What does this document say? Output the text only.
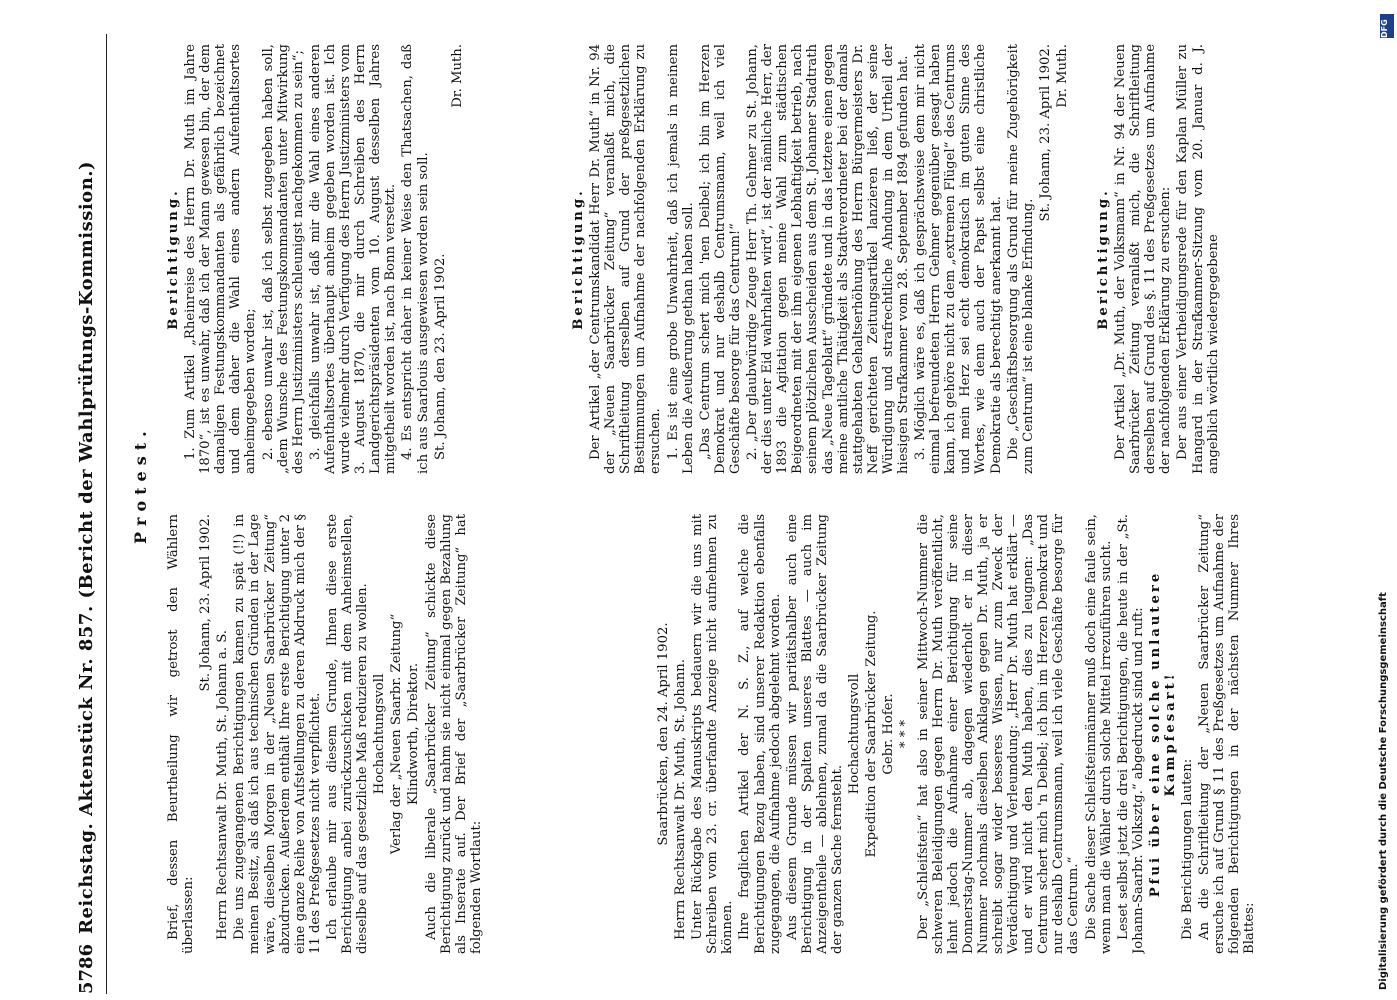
5786
Reichstag. Aktenstück Nr. 857. (Bericht der Wahlprüfungs-Kommission.) Protest.

Brief, dessen Beurtheilung wir getrost den Wählern überlassen:

St. Johann, 23. April 1902.

Herrn Rechtsanwalt Dr. Muth, St. Johann a. S. Die uns zugegangenen Berichtigungen kamen zu spät (!!) in meinen Besitz, als daß ich aus technischen Gründen in der Lage wäre, dieselben Morgen in der „Neuen Saarbrücker Zeitung“ abzudrucken. Außerdem enthält Ihre erste Berichtigung unter 2 eine ganze Reihe von Aufstellungen zu deren Abdruck mich der § 11 des Preßgesetzes nicht verpflichtet. Ich erlaube mir aus diesem Grunde, Ihnen diese erste Berichtigung anbei zurückzuschicken mit dem Anheimstellen, dieselbe auf das gesetzliche Maß reduzieren zu wollen. Hochachtungsvoll Verlag der „Neuen Saarbr. Zeitung“ Klindworth, Direktor. Auch die liberale „Saarbrücker Zeitung“ schickte diese Berichtigung zurück und nahm sie nicht einmal gegen Bezahlung als Inserate auf. Der Brief der „Saarbrücker Zeitung“ hat folgenden Wortlaut:

Saarbrücken, den 24. April 1902. Herrn Rechtsanwalt Dr. Muth, St. Johann. Unter Rückgabe des Manuskripts bedauern wir die uns mit Schreiben vom 23. cr. überfandte Anzeige nicht aufnehmen zu können. Ihre fraglichen Artikel der N. S. Z., auf welche die Berichtigungen Bezug haben, sind unserer Redaktion ebenfalls zugegangen, die Aufnahme jedoch abgelehnt worden. Aus diesem Grunde müssen wir paritätshalber auch eine Berichtigung in der Spalten unseres Blattes — auch im Anzeigentheile — ablehnen, zumal da die Saarbrücker Zeitung der ganzen Sache fernsteht.

Hochachtungsvoll Expedition der Saarbrücker Zeitung. Gebr. Hofer. * * * Der „Schleifstein“ hat also in seiner Mittwoch-Nummer die schweren Beleidigungen gegen Herrn Dr. Muth veröffentlicht, lehnt jedoch die Aufnahme einer Berichtigung für seine Donnerstag-Nummer ab, dagegen wiederholt er in dieser Nummer nochmals dieselben Anklagen gegen Dr. Muth, ja er schreibt sogar wider besseres Wissen, nur zum Zweck der Verdächtigung und Verleumdung: „Herr Dr. Muth hat erklärt — und er wird nicht den Muth haben, dies zu leugnen: „Das Centrum schert mich 'n Deibel; ich bin im Herzen Demokrat und nur deshalb Centrumsmann, weil ich viele Geschäfte besorge für das Centrum.“ Die Sache dieser Schleifsteinmänner muß doch eine faule sein, wenn man die Wähler durch solche Mittel irrezuführen sucht. Leset selbst jetzt die drei Berichtigungen, die heute in der „St. Johann-Saarbr. Volksztg.“ abgedruckt sind und ruft: Pfui über eine solche unlautere Kampfesart!

Die Berichtigungen lauten: An die Schriftleitung der „Neuen Saarbrücker Zeitung“ ersuche ich auf Grund § 11 des Preßgesetzes um Aufnahme der folgenden Berichtigungen in der nächsten Nummer Ihres Blattes:

Berichtigung. 1. Zum Artikel „Rheinreise des Herrn Dr. Muth im Jahre 1870“, ist es unwahr, daß ich der Mann gewesen bin, der dem damaligen Festungskommandanten als gefährlich bezeichnet und dem daher die Wahl eines andern Aufenthaltsortes anheimgegeben worden; 2. ebenso unwahr ist, daß ich selbst zugegeben haben soll, „dem Wunsche des Festungskommandanten unter Mitwirkung des Herrn Justizministers schleunigst nachgekommen zu sein“; 3. gleichfalls unwahr ist, daß mir die Wahl eines anderen Aufenthaltsortes überhaupt anheim gegeben worden ist. Ich wurde vielmehr durch Verfügung des Herrn Justizministers vom 3. August 1870, die mir durch Schreiben des Herrn Landgerichtspräsidenten vom 10. August desselben Jahres mitgetheilt worden ist, nach Bonn versetzt. 4. Es entspricht daher in keiner Weise den Thatsachen, daß ich aus Saarlouis ausgewiesen worden sein soll. St. Johann, den 23. April 1902.

Dr. Muth.

Berichtigung. Der Artikel „der Centrumskandidat Herr Dr. Muth“ in Nr. 94 der „Neuen Saarbrücker Zeitung“ veranlaßt mich, die Schriftleitung derselben auf Grund der preßgesetzlichen Bestimmungen um Aufnahme der nachfolgenden Erklärung zu ersuchen. 1. Es ist eine grobe Unwahrheit, daß ich jemals in meinem Leben die Aeußerung gethan haben soll. „Das Centrum schert mich 'nen Deibel; ich bin im Herzen Demokrat und nur deshalb Centrumsmann, weil ich viel Geschäfte besorge für das Centrum!“ 2. „Der glaubwürdige Zeuge Herr Th. Gehmer zu St. Johann, der dies unter Eid wahrhalten wird“, ist der nämliche Herr, der 1893 die Agitation gegen meine Wahl zum städtischen Beigeordneten mit der ihm eigenen Lebhaftigkeit betrieb, nach seinem plötzlichen Ausscheiden aus dem St. Johanner Stadtrath das „Neue Tageblatt“ gründete und in das letztere einen gegen meine amtliche Thätigkeit als Stadtverordneter bei der damals stattgehabten Gehaltserhöhung des Herrn Bürgermeisters Dr. Neff gerichteten Zeitungsartikel lanzieren ließ, der seine Würdigung und strafrechtliche Ahndung in dem Urtheil der hiesigen Strafkammer vom 28. September 1894 gefunden hat. 3. Möglich wäre es, daß ich gesprächsweise dem mir nicht einmal befreundeten Herrn Gehmer gegenüber gesagt haben kann, ich gehöre nicht zu dem „extremen Flügel“ des Centrums und mein Herz sei echt demokratisch im guten Sinne des Wortes, wie denn auch der Papst selbst eine christliche Demokratie als berechtigt anerkannt hat. Die „Geschäftsbesorgung als Grund für meine Zugehörigkeit zum Centrum“ ist eine blanke Erfindung.

St. Johann, 23. April 1902. Dr. Muth.

Berichtigung. Der Artikel „Dr. Muth, der Volksmann“ in Nr. 94 der Neuen Saarbrücker Zeitung veranlaßt mich, die Schriftleitung derselben auf Grund des §. 11 des Preßgesetzes um Aufnahme der nachfolgenden Erklärung zu ersuchen: Der aus einer Vertheidigungsrede für den Kaplan Müller zu Hangard in der Strafkammer-Sitzung vom 20. Januar d. J. angeblich wörtlich wiedergegebene

DFG
Digitalisierung gefördert durch die Deutsche Forschungsgemeinschaft
